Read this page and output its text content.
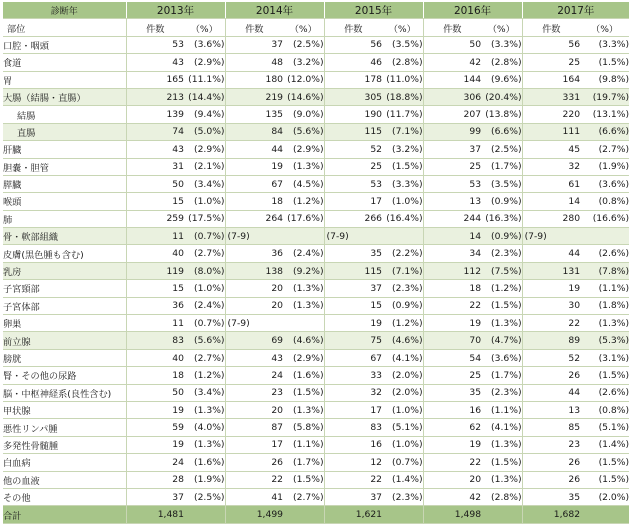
診断年	2013年		2014年		2015年		2016年		2017年	
部位	件数	（%）	件数	（%）	件数	（%）	件数	（%）	件数	（%）
口腔・咽頭	53	(3.6%)	37	(2.5%)	56	(3.5%)	50	(3.3%)	56	(3.3%)
食道	43	(2.9%)	48	(3.2%)	46	(2.8%)	42	(2.8%)	25	(1.5%)
胃	165	(11.1%)	180	(12.0%)	178	(11.0%)	144	(9.6%)	164	(9.8%)
大腸（結腸・直腸）	213	(14.4%)	219	(14.6%)	305	(18.8%)	306	(20.4%)	331	(19.7%)
結腸	139	(9.4%)	135	(9.0%)	190	(11.7%)	207	(13.8%)	220	(13.1%)
直腸	74	(5.0%)	84	(5.6%)	115	(7.1%)	99	(6.6%)	111	(6.6%)
肝臓	43	(2.9%)	44	(2.9%)	52	(3.2%)	37	(2.5%)	45	(2.7%)
胆嚢・胆管	31	(2.1%)	19	(1.3%)	25	(1.5%)	25	(1.7%)	32	(1.9%)
膵臓	50	(3.4%)	67	(4.5%)	53	(3.3%)	53	(3.5%)	61	(3.6%)
喉頭	15	(1.0%)	18	(1.2%)	17	(1.0%)	13	(0.9%)	14	(0.8%)
肺	259	(17.5%)	264	(17.6%)	266	(16.4%)	244	(16.3%)	280	(16.6%)
骨・軟部組織	11	(0.7%)	(7-9)		(7-9)		14	(0.9%)	(7-9)	
皮膚(黒色腫も含む)	40	(2.7%)	36	(2.4%)	35	(2.2%)	34	(2.3%)	44	(2.6%)
乳房	119	(8.0%)	138	(9.2%)	115	(7.1%)	112	(7.5%)	131	(7.8%)
子宮頸部	15	(1.0%)	20	(1.3%)	37	(2.3%)	18	(1.2%)	19	(1.1%)
子宮体部	36	(2.4%)	20	(1.3%)	15	(0.9%)	22	(1.5%)	30	(1.8%)
卵巣	11	(0.7%)	(7-9)		19	(1.2%)	19	(1.3%)	22	(1.3%)
前立腺	83	(5.6%)	69	(4.6%)	75	(4.6%)	70	(4.7%)	89	(5.3%)
膀胱	40	(2.7%)	43	(2.9%)	67	(4.1%)	54	(3.6%)	52	(3.1%)
腎・その他の尿路	18	(1.2%)	24	(1.6%)	33	(2.0%)	25	(1.7%)	26	(1.5%)
脳・中枢神経系(良性含む)	50	(3.4%)	23	(1.5%)	32	(2.0%)	35	(2.3%)	44	(2.6%)
甲状腺	19	(1.3%)	20	(1.3%)	17	(1.0%)	16	(1.1%)	13	(0.8%)
悪性リンパ腫	59	(4.0%)	87	(5.8%)	83	(5.1%)	62	(4.1%)	85	(5.1%)
多発性骨髄腫	19	(1.3%)	17	(1.1%)	16	(1.0%)	19	(1.3%)	23	(1.4%)
白血病	24	(1.6%)	26	(1.7%)	12	(0.7%)	22	(1.5%)	26	(1.5%)
他の血液	28	(1.9%)	22	(1.5%)	22	(1.4%)	20	(1.3%)	26	(1.5%)
その他	37	(2.5%)	41	(2.7%)	37	(2.3%)	42	(2.8%)	35	(2.0%)
合計	1,481		1,499		1,621		1,498		1,682	
